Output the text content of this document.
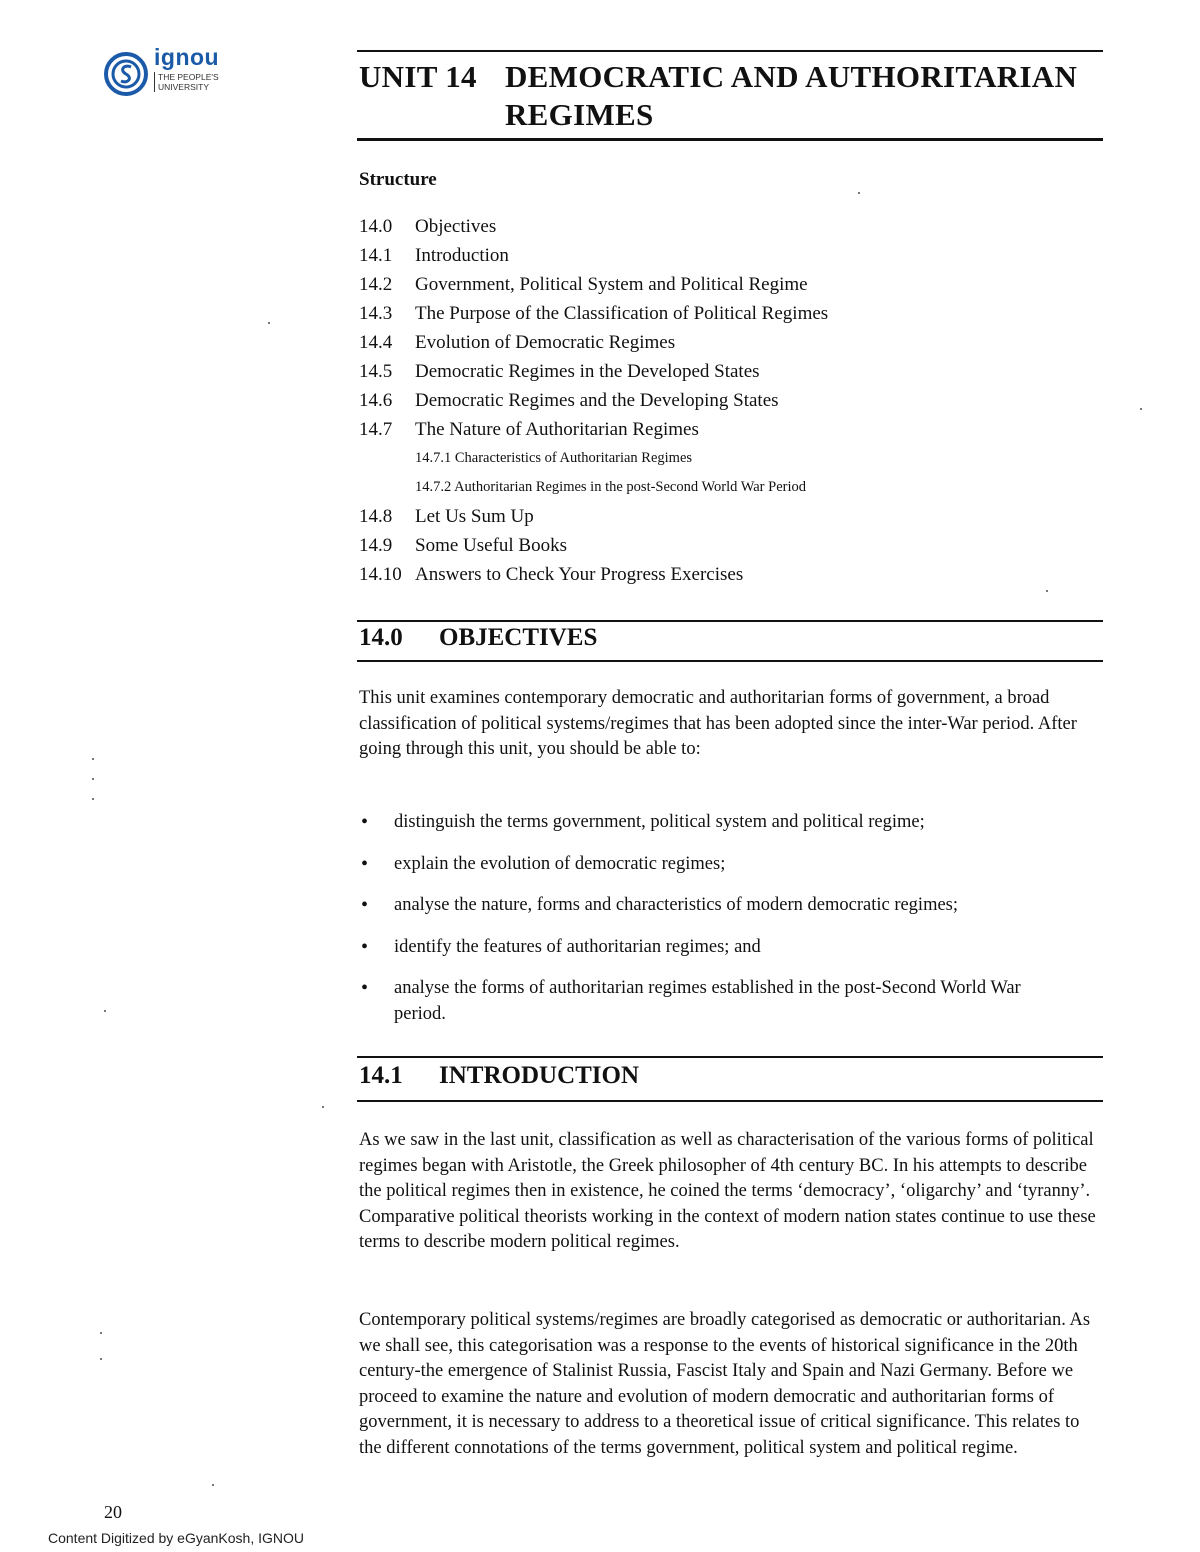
ignou
THE PEOPLE'S
UNIVERSITY	UNIT 14 DEMOCRATIC AND AUTHORITARIAN
REGIMES
Structure
14.0 Objectives
14.1 Introduction
14.2 Government, Political System and Political Regime
14.3 The Purpose of the Classification of Political Regimes
14.4 Evolution of Democratic Regimes
14.5 Democratic Regimes in the Developed States
14.6 Democratic Regimes and the Developing States
14.7 The Nature of Authoritarian Regimes
14.7.1 Characteristics of Authoritarian Regimes
14.7.2 Authoritarian Regimes in the post-Second World War Period
14.8 Let Us Sum Up
14.9 Some Useful Books
14.10 Answers to Check Your Progress Exercises
14.0 OBJECTIVES
This unit examines contemporary democratic and authoritarian forms of government, a broad classification of political systems/regimes that has been adopted since the inter-War period. After going through this unit, you should be able to:
• distinguish the terms government, political system and political regime;
• explain the evolution of democratic regimes;
• analyse the nature, forms and characteristics of modern democratic regimes;
• identify the features of authoritarian regimes; and
• analyse the forms of authoritarian regimes established in the post-Second World War period.
14.1 INTRODUCTION
As we saw in the last unit, classification as well as characterisation of the various forms of political regimes began with Aristotle, the Greek philosopher of 4th century BC. In his attempts to describe the political regimes then in existence, he coined the terms ‘democracy’, ‘oligarchy’ and ‘tyranny’. Comparative political theorists working in the context of modern nation states continue to use these terms to describe modern political regimes.
Contemporary political systems/regimes are broadly categorised as democratic or authoritarian. As we shall see, this categorisation was a response to the events of historical significance in the 20th century-the emergence of Stalinist Russia, Fascist Italy and Spain and Nazi Germany. Before we proceed to examine the nature and evolution of modern democratic and authoritarian forms of government, it is necessary to address to a theoretical issue of critical significance. This relates to the different connotations of the terms government, political system and political regime.
20
Content Digitized by eGyanKosh, IGNOU
